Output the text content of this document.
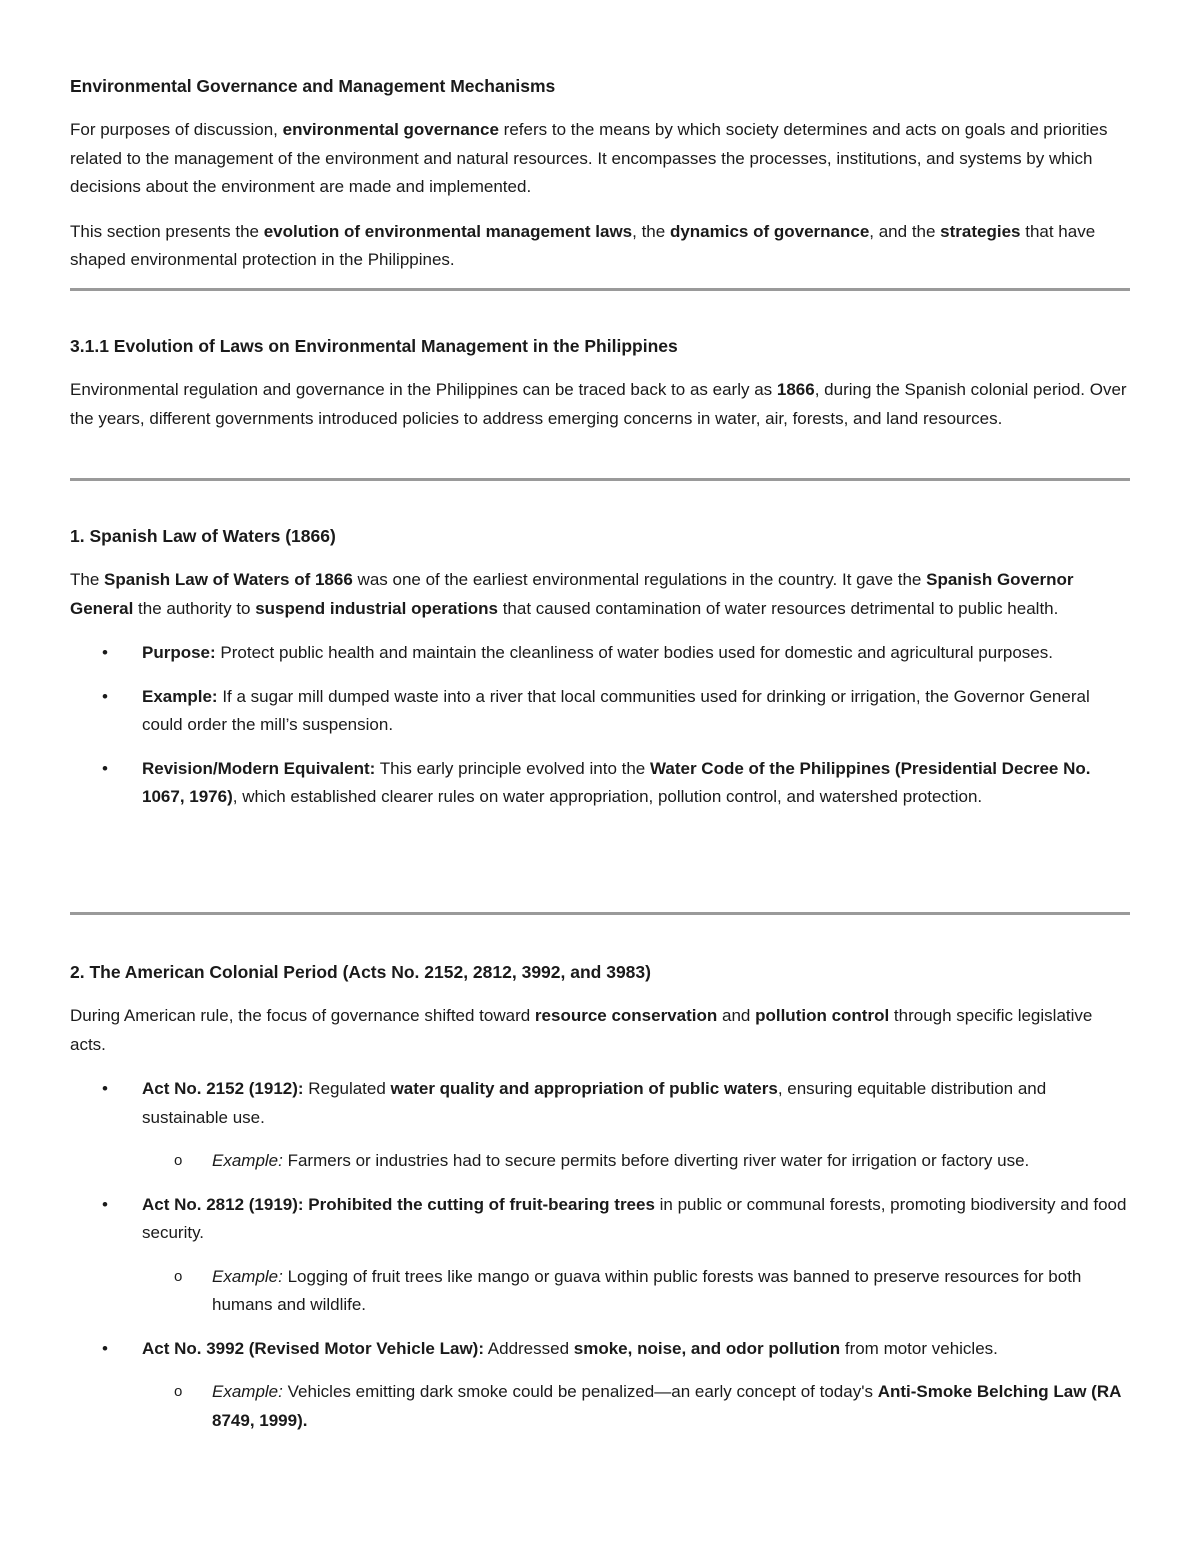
Environmental Governance and Management Mechanisms

For purposes of discussion, environmental governance refers to the means by which society determines and acts on goals and priorities related to the management of the environment and natural resources. It encompasses the processes, institutions, and systems by which decisions about the environment are made and implemented.

This section presents the evolution of environmental management laws, the dynamics of governance, and the strategies that have shaped environmental protection in the Philippines.

3.1.1 Evolution of Laws on Environmental Management in the Philippines

Environmental regulation and governance in the Philippines can be traced back to as early as 1866, during the Spanish colonial period. Over the years, different governments introduced policies to address emerging concerns in water, air, forests, and land resources.

1. Spanish Law of Waters (1866)

The Spanish Law of Waters of 1866 was one of the earliest environmental regulations in the country. It gave the Spanish Governor General the authority to suspend industrial operations that caused contamination of water resources detrimental to public health.

• Purpose: Protect public health and maintain the cleanliness of water bodies used for domestic and agricultural purposes.
• Example: If a sugar mill dumped waste into a river that local communities used for drinking or irrigation, the Governor General could order the mill’s suspension.
• Revision/Modern Equivalent: This early principle evolved into the Water Code of the Philippines (Presidential Decree No. 1067, 1976), which established clearer rules on water appropriation, pollution control, and watershed protection.
2. The American Colonial Period (Acts No. 2152, 2812, 3992, and 3983)

During American rule, the focus of governance shifted toward resource conservation and pollution control through specific legislative acts.

• Act No. 2152 (1912): Regulated water quality and appropriation of public waters, ensuring equitable distribution and sustainable use.
o Example: Farmers or industries had to secure permits before diverting river water for irrigation or factory use.
• Act No. 2812 (1919): Prohibited the cutting of fruit-bearing trees in public or communal forests, promoting biodiversity and food security.
o Example: Logging of fruit trees like mango or guava within public forests was banned to preserve resources for both humans and wildlife.
• Act No. 3992 (Revised Motor Vehicle Law): Addressed smoke, noise, and odor pollution from motor vehicles.
o Example: Vehicles emitting dark smoke could be penalized—an early concept of today's Anti-Smoke Belching Law (RA 8749, 1999).
